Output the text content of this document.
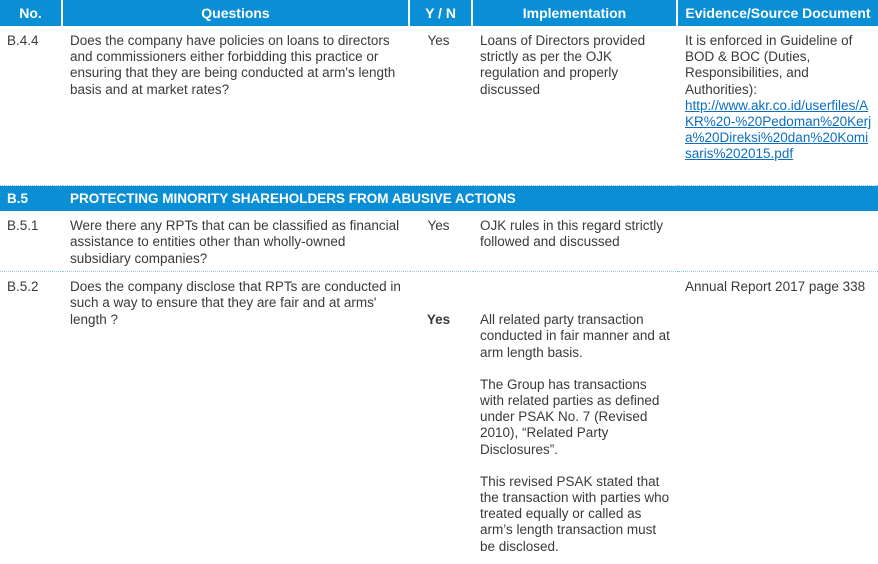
No.	Questions	Y / N	Implementation	Evidence/Source Document
B.4.4	Does the company have policies on loans to directors and commissioners either forbidding this practice or ensuring that they are being conducted at arm's length basis and at market rates?	Yes	Loans of Directors provided strictly as per the OJK regulation and properly discussed	It is enforced in Guideline of BOD & BOC (Duties, Responsibilities, and Authorities):
http://www.akr.co.id/userfiles/AKR%20-%20Pedoman%20Kerja%20Direksi%20dan%20Komisaris%202015.pdf
B.5	PROTECTING MINORITY SHAREHOLDERS FROM ABUSIVE ACTIONS			
B.5.1	Were there any RPTs that can be classified as financial assistance to entities other than wholly-owned subsidiary companies?	Yes	OJK rules in this regard strictly followed and discussed	
B.5.2	Does the company disclose that RPTs are conducted in such a way to ensure that they are fair and at arms' length ?	Yes	All related party transaction conducted in fair manner and at arm length basis.

The Group has transactions with related parties as defined under PSAK No. 7 (Revised 2010), “Related Party Disclosures”.

This revised PSAK stated that the transaction with parties who treated equally or called as arm’s length transaction must be disclosed.	Annual Report 2017 page 338
